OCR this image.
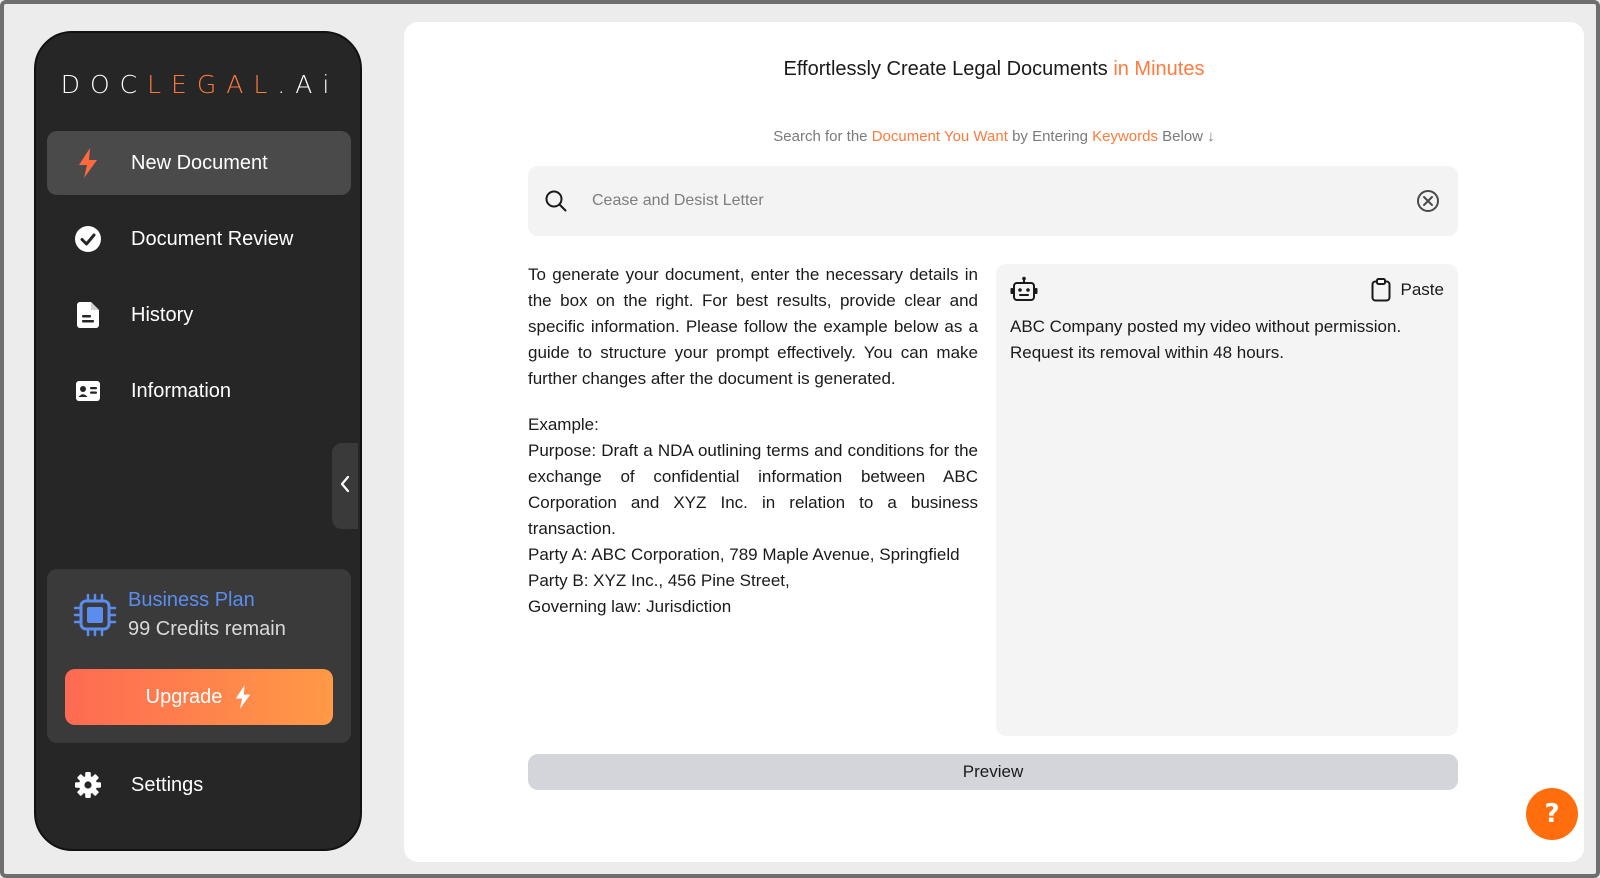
DOC LEGAL .Ai
New Document
Document Review
History
Information
Business Plan
99 Credits remain
Upgrade
Settings
Effortlessly Create Legal Documents in Minutes
Search for the Document You Want by Entering Keywords Below ↓
Cease and Desist Letter

To generate your document, enter the necessary details in the box on the right. For best results, provide clear and specific information. Please follow the example below as a guide to structure your prompt effectively. You can make further changes after the document is generated.

Example:

Purpose: Draft a NDA outlining terms and conditions for the exchange of confidential information between ABC Corporation and XYZ Inc. in relation to a business transaction.

Party A: ABC Corporation, 789 Maple Avenue, Springfield

Party B: XYZ Inc., 456 Pine Street,

Governing law: Jurisdiction

Paste
ABC Company posted my video without permission. Request its removal within 48 hours.
Preview
?
